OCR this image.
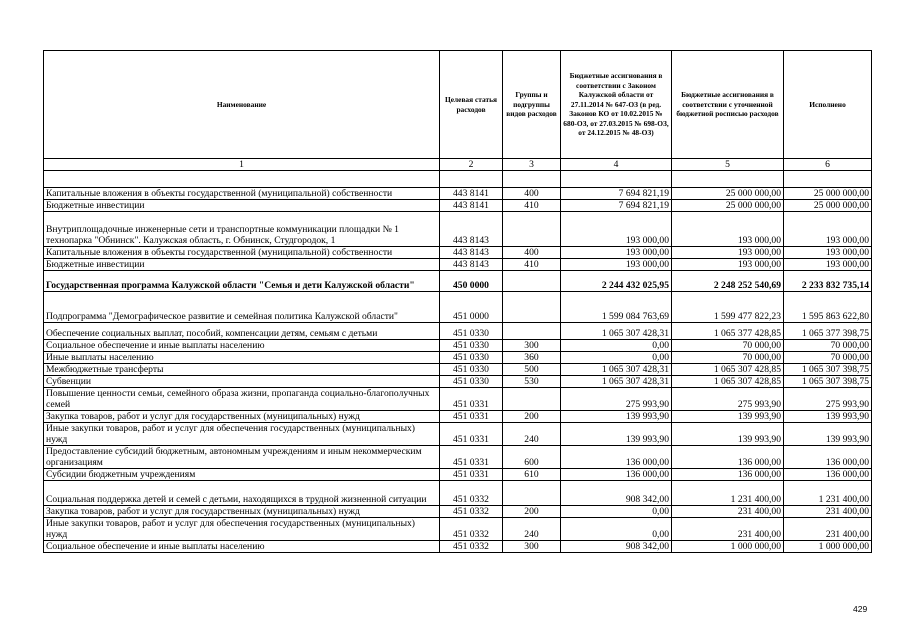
Наименование	Целевая статья расходов	Группы и подгруппы видов расходов	Бюджетные ассигнования в соответствии с Законом Калужской области от 27.11.2014 № 647-ОЗ (в ред. Законов КО от 10.02.2015 № 680-ОЗ, от 27.03.2015 № 698-ОЗ, от 24.12.2015 № 48-ОЗ)	Бюджетные ассигнования в соответствии с уточненной бюджетной росписью расходов	Исполнено
1	2	3	4	5	6

Капитальные вложения в объекты государственной (муниципальной) собственности	443 8141	400	7 694 821,19	25 000 000,00	25 000 000,00
Бюджетные инвестиции	443 8141	410	7 694 821,19	25 000 000,00	25 000 000,00
Внутриплощадочные инженерные сети и транспортные коммуникации площадки № 1 технопарка "Обнинск". Калужская область, г. Обнинск, Студгородок, 1	443 8143		193 000,00	193 000,00	193 000,00
Капитальные вложения в объекты государственной (муниципальной) собственности	443 8143	400	193 000,00	193 000,00	193 000,00
Бюджетные инвестиции	443 8143	410	193 000,00	193 000,00	193 000,00
Государственная программа Калужской области "Семья и дети Калужской области"	450 0000		2 244 432 025,95	2 248 252 540,69	2 233 832 735,14
Подпрограмма "Демографическое развитие и семейная политика Калужской области"	451 0000		1 599 084 763,69	1 599 477 822,23	1 595 863 622,80
Обеспечение социальных выплат, пособий, компенсации детям, семьям с детьми	451 0330		1 065 307 428,31	1 065 377 428,85	1 065 377 398,75
Социальное обеспечение и иные выплаты населению	451 0330	300	0,00	70 000,00	70 000,00
Иные выплаты населению	451 0330	360	0,00	70 000,00	70 000,00
Межбюджетные трансферты	451 0330	500	1 065 307 428,31	1 065 307 428,85	1 065 307 398,75
Субвенции	451 0330	530	1 065 307 428,31	1 065 307 428,85	1 065 307 398,75
Повышение ценности семьи, семейного образа жизни, пропаганда социально-благополучных семей	451 0331		275 993,90	275 993,90	275 993,90
Закупка товаров, работ и услуг для государственных (муниципальных) нужд	451 0331	200	139 993,90	139 993,90	139 993,90
Иные закупки товаров, работ и услуг для обеспечения государственных (муниципальных) нужд	451 0331	240	139 993,90	139 993,90	139 993,90
Предоставление субсидий бюджетным, автономным учреждениям и иным некоммерческим организациям	451 0331	600	136 000,00	136 000,00	136 000,00
Субсидии бюджетным учреждениям	451 0331	610	136 000,00	136 000,00	136 000,00
Социальная поддержка детей и семей с детьми, находящихся в трудной жизненной ситуации	451 0332		908 342,00	1 231 400,00	1 231 400,00
Закупка товаров, работ и услуг для государственных (муниципальных) нужд	451 0332	200	0,00	231 400,00	231 400,00
Иные закупки товаров, работ и услуг для обеспечения государственных (муниципальных) нужд	451 0332	240	0,00	231 400,00	231 400,00
Социальное обеспечение и иные выплаты населению	451 0332	300	908 342,00	1 000 000,00	1 000 000,00
429
